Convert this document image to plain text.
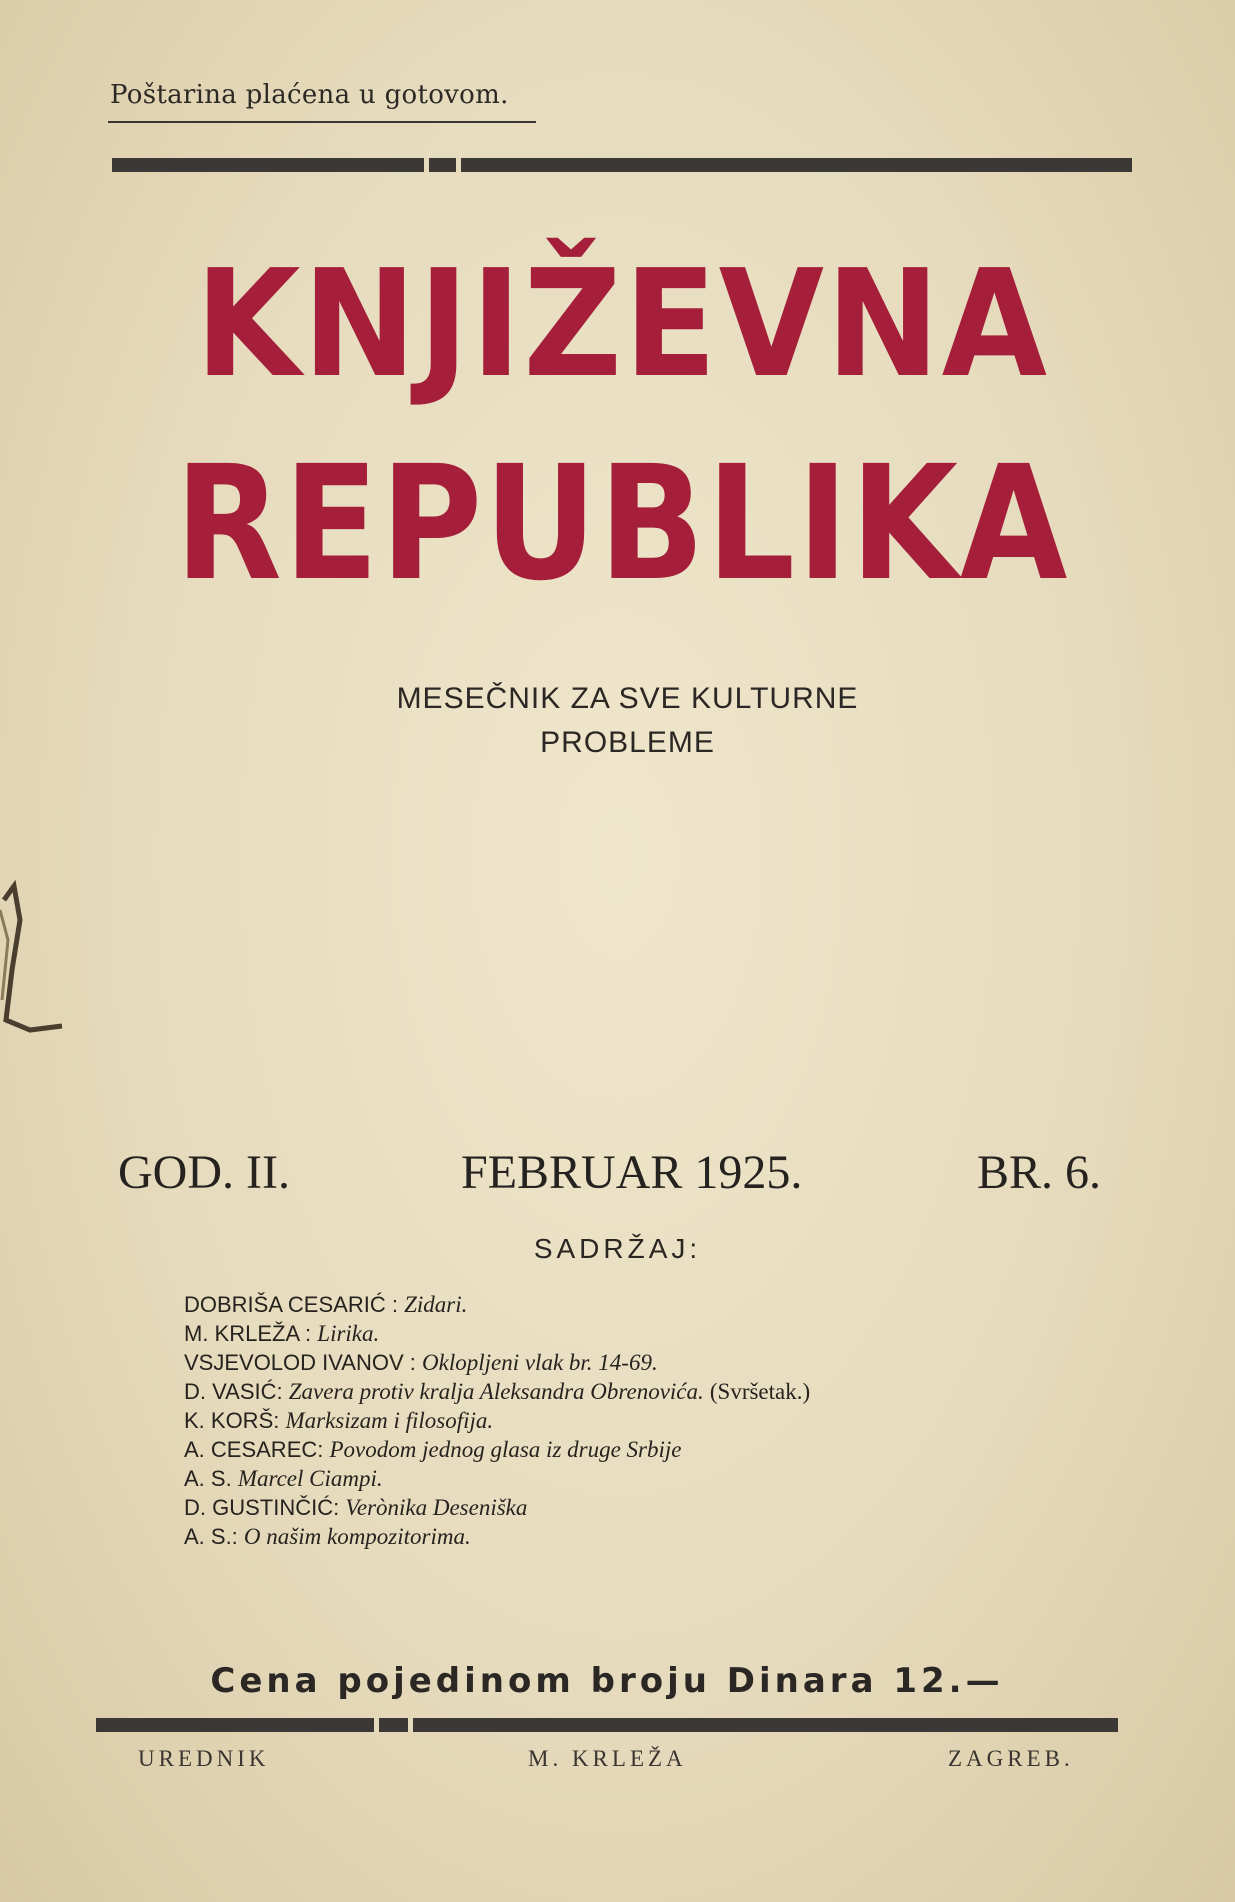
Poštarina plaćena u gotovom.
KNJIŽEVNA
REPUBLIKA
MESEČNIK ZA SVE KULTURNE
PROBLEME
GOD. II.	FEBRUAR 1925.	BR. 6.
SADRŽAJ:
DOBRIŠA CESARIĆ : Zidari.
M. KRLEŽA : Lirika.
VSJEVOLOD IVANOV : Oklopljeni vlak br. 14-69.
D. VASIĆ: Zavera protiv kralja Aleksandra Obrenovića. (Svršetak.)
K. KORŠ: Marksizam i filosofija.
A. CESAREC: Povodom jednog glasa iz druge Srbije
A. S. Marcel Ciampi.
D. GUSTINČIĆ: Verònika Deseniška
A. S.: O našim kompozitorima.
Cena pojedinom broju Dinara 12.—
UREDNIK	M. KRLEŽA	ZAGREB.
